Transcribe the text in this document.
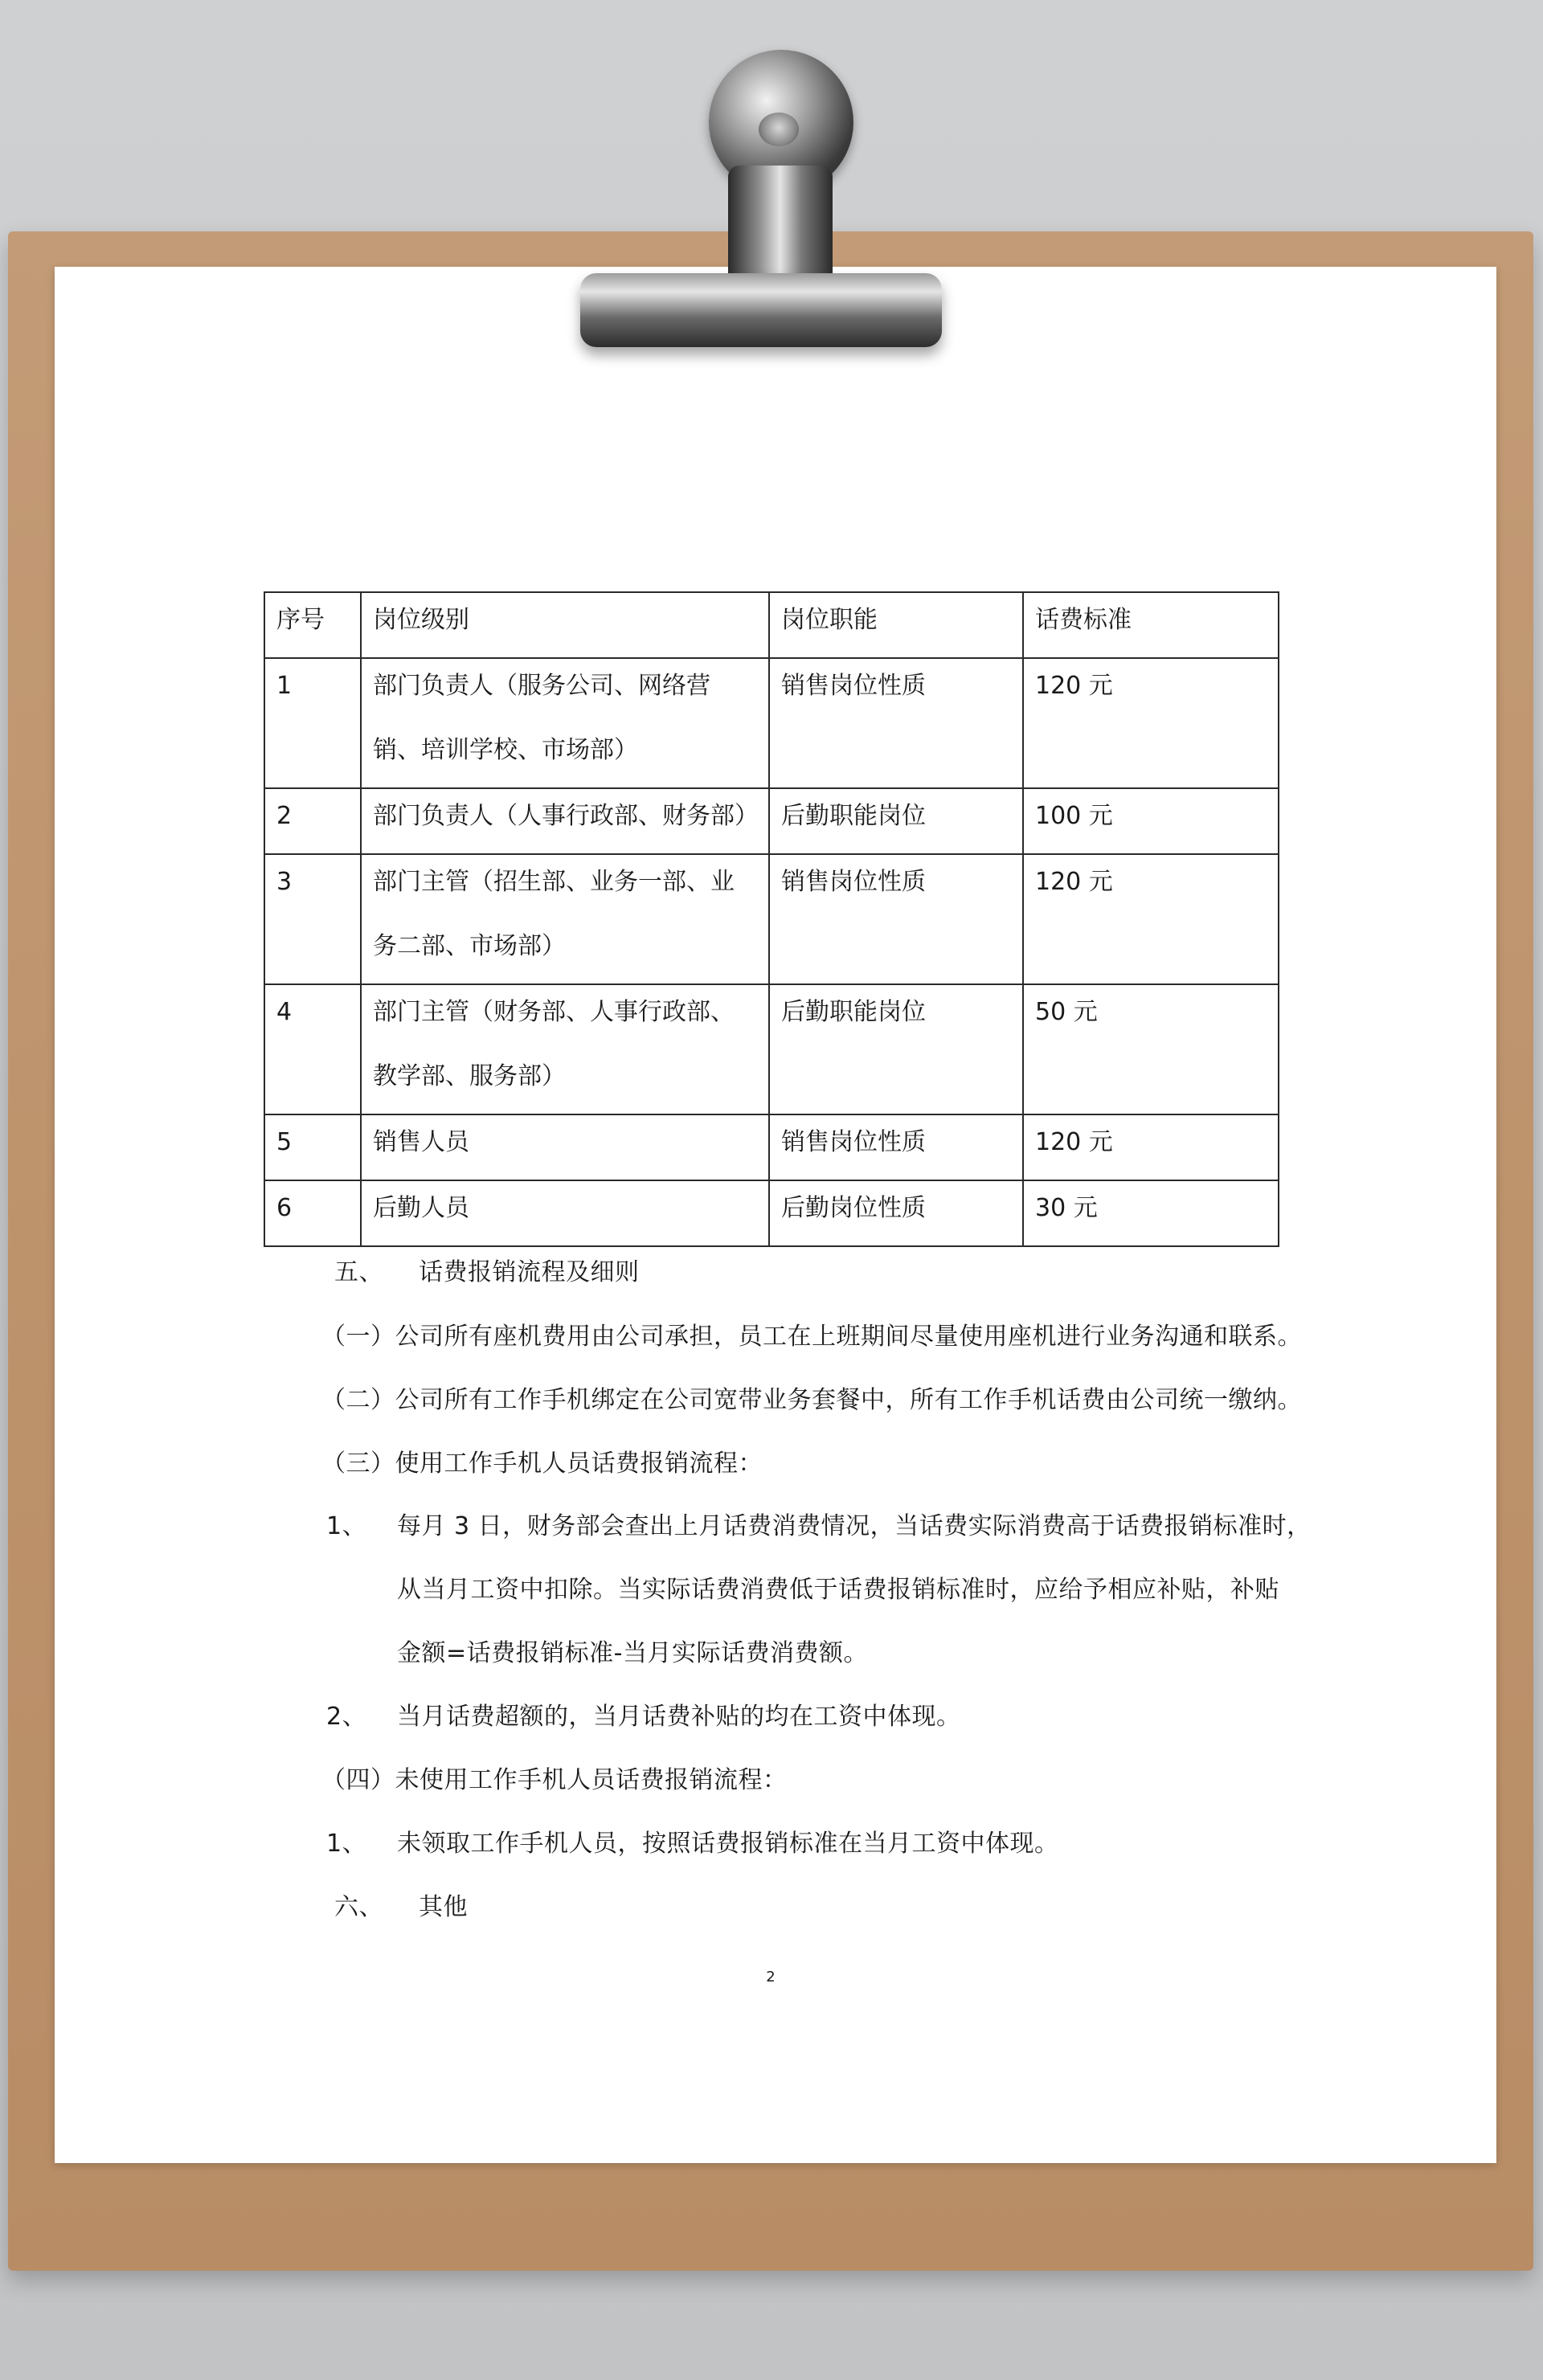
序号	岗位级别	岗位职能	话费标准

1	部门负责人（服务公司、网络营销、培训学校、市场部）	销售岗位性质	120 元

2	部门负责人（人事行政部、财务部）	后勤职能岗位	100 元

3	部门主管（招生部、业务一部、业务二部、市场部）	销售岗位性质	120 元

4	部门主管（财务部、人事行政部、教学部、服务部）	后勤职能岗位	50 元

5	销售人员	销售岗位性质	120 元

6	后勤人员	后勤岗位性质	30 元
五、 话费报销流程及细则
（一）公司所有座机费用由公司承担，员工在上班期间尽量使用座机进行业务沟通和联系。
（二）公司所有工作手机绑定在公司宽带业务套餐中，所有工作手机话费由公司统一缴纳。
（三）使用工作手机人员话费报销流程：
1、 每月 3 日，财务部会查出上月话费消费情况，当话费实际消费高于话费报销标准时，
从当月工资中扣除。当实际话费消费低于话费报销标准时，应给予相应补贴，补贴
金额=话费报销标准-当月实际话费消费额。
2、 当月话费超额的，当月话费补贴的均在工资中体现。
（四）未使用工作手机人员话费报销流程：
1、 未领取工作手机人员，按照话费报销标准在当月工资中体现。
六、 其他
2
